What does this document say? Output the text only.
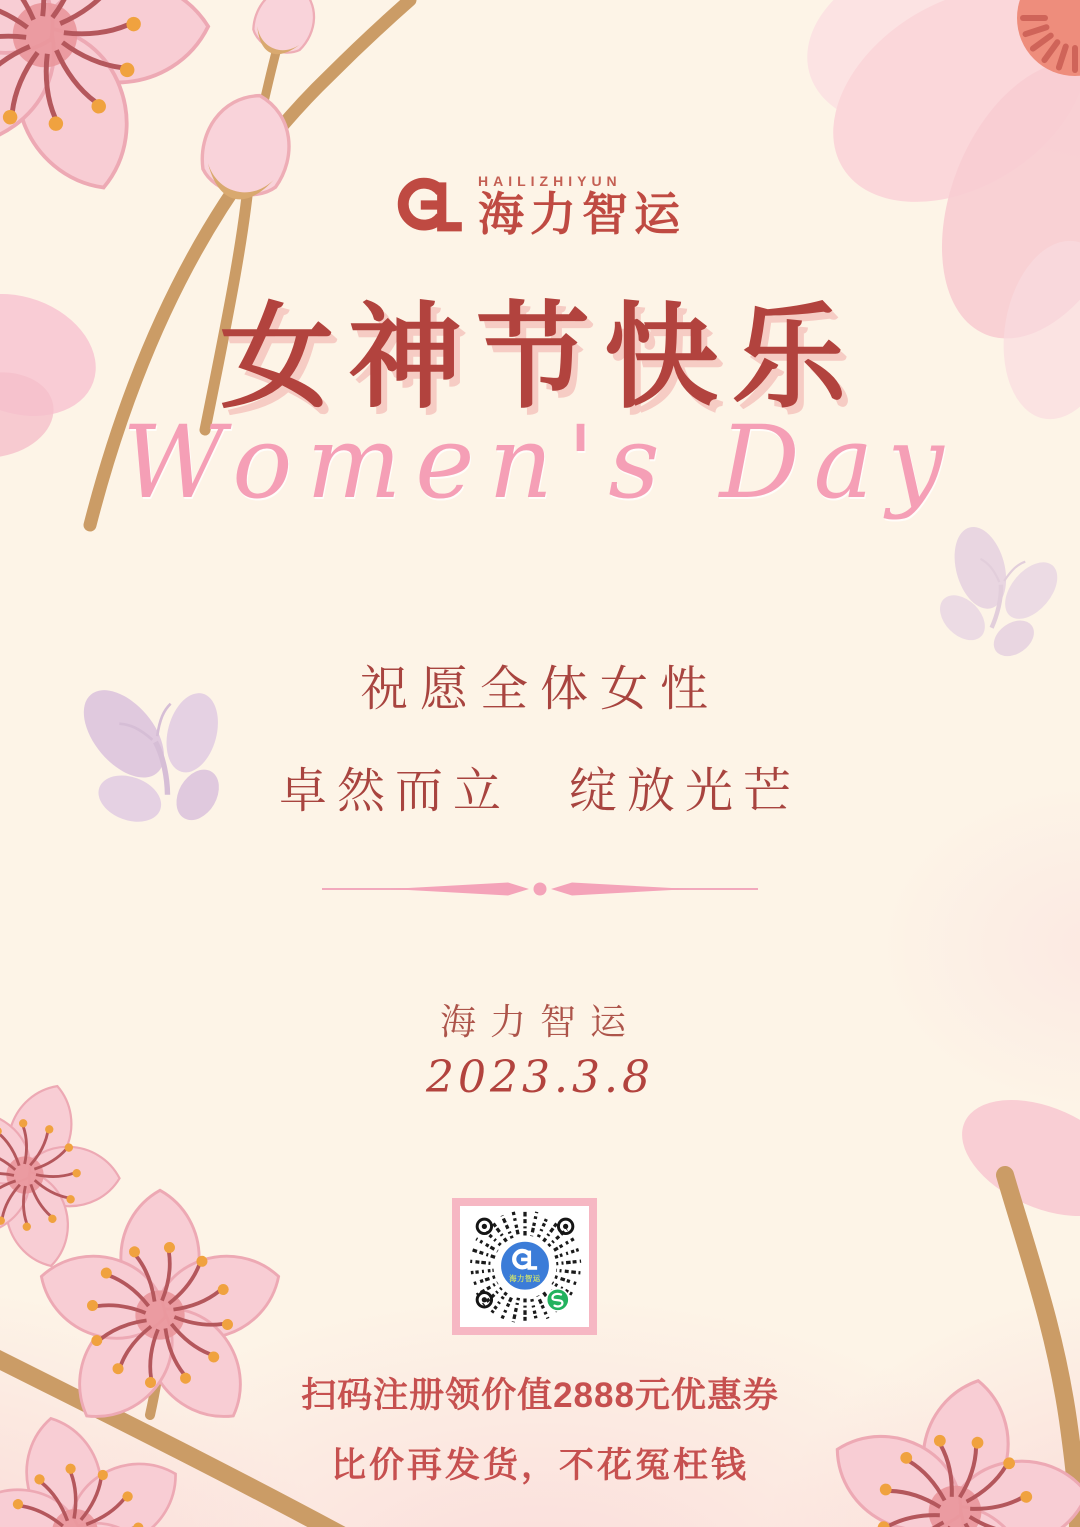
HAILIZHIYUN
海力智运
女神节快乐
Women's Day
祝愿全体女性
卓然而立　绽放光芒
海力智运
2023.3.8
海力智运
扫码注册领价值2888元优惠券
比价再发货，不花冤枉钱
